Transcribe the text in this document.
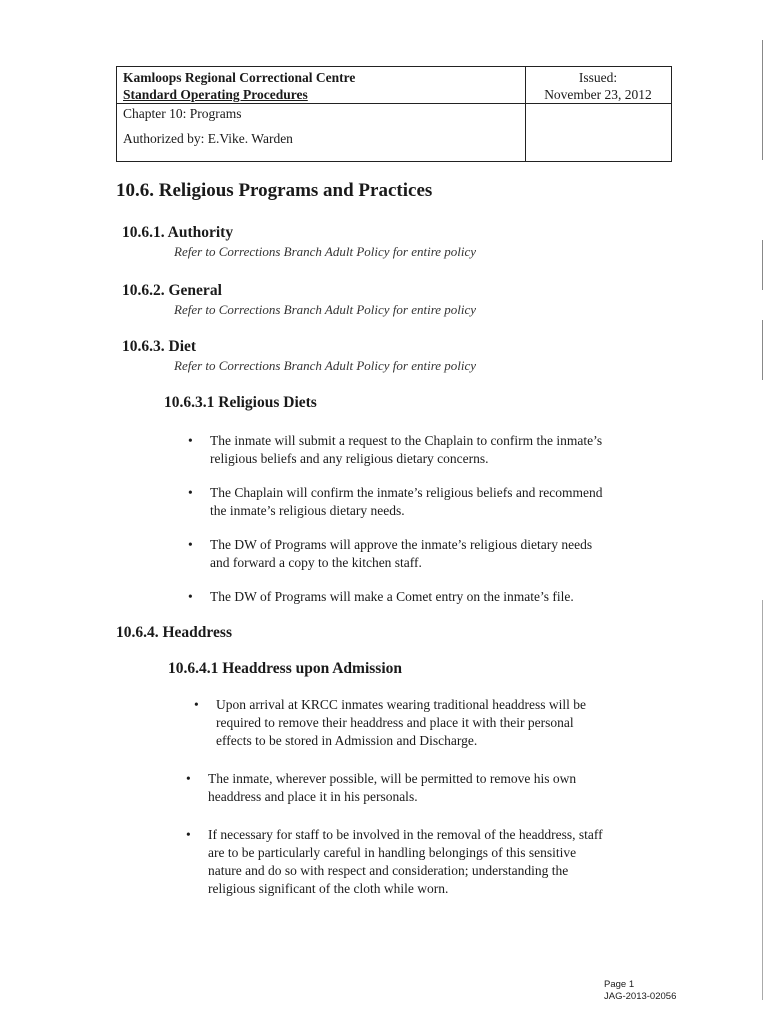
Kamloops Regional Correctional Centre
Standard Operating Procedures
Issued:
November 23, 2012
Chapter 10: Programs
Authorized by: E.Vike. Warden
10.6. Religious Programs and Practices
10.6.1. Authority
Refer to Corrections Branch Adult Policy for entire policy
10.6.2. General
Refer to Corrections Branch Adult Policy for entire policy
10.6.3. Diet
Refer to Corrections Branch Adult Policy for entire policy
10.6.3.1 Religious Diets
• The inmate will submit a request to the Chaplain to confirm the inmate’s
religious beliefs and any religious dietary concerns.
• The Chaplain will confirm the inmate’s religious beliefs and recommend
the inmate’s religious dietary needs.
• The DW of Programs will approve the inmate’s religious dietary needs
and forward a copy to the kitchen staff.
• The DW of Programs will make a Comet entry on the inmate’s file.
10.6.4. Headdress
10.6.4.1 Headdress upon Admission
• Upon arrival at KRCC inmates wearing traditional headdress will be
required to remove their headdress and place it with their personal
effects to be stored in Admission and Discharge.
• The inmate, wherever possible, will be permitted to remove his own
headdress and place it in his personals.
• If necessary for staff to be involved in the removal of the headdress, staff
are to be particularly careful in handling belongings of this sensitive
nature and do so with respect and consideration; understanding the
religious significant of the cloth while worn.
Page 1
JAG-2013-02056
